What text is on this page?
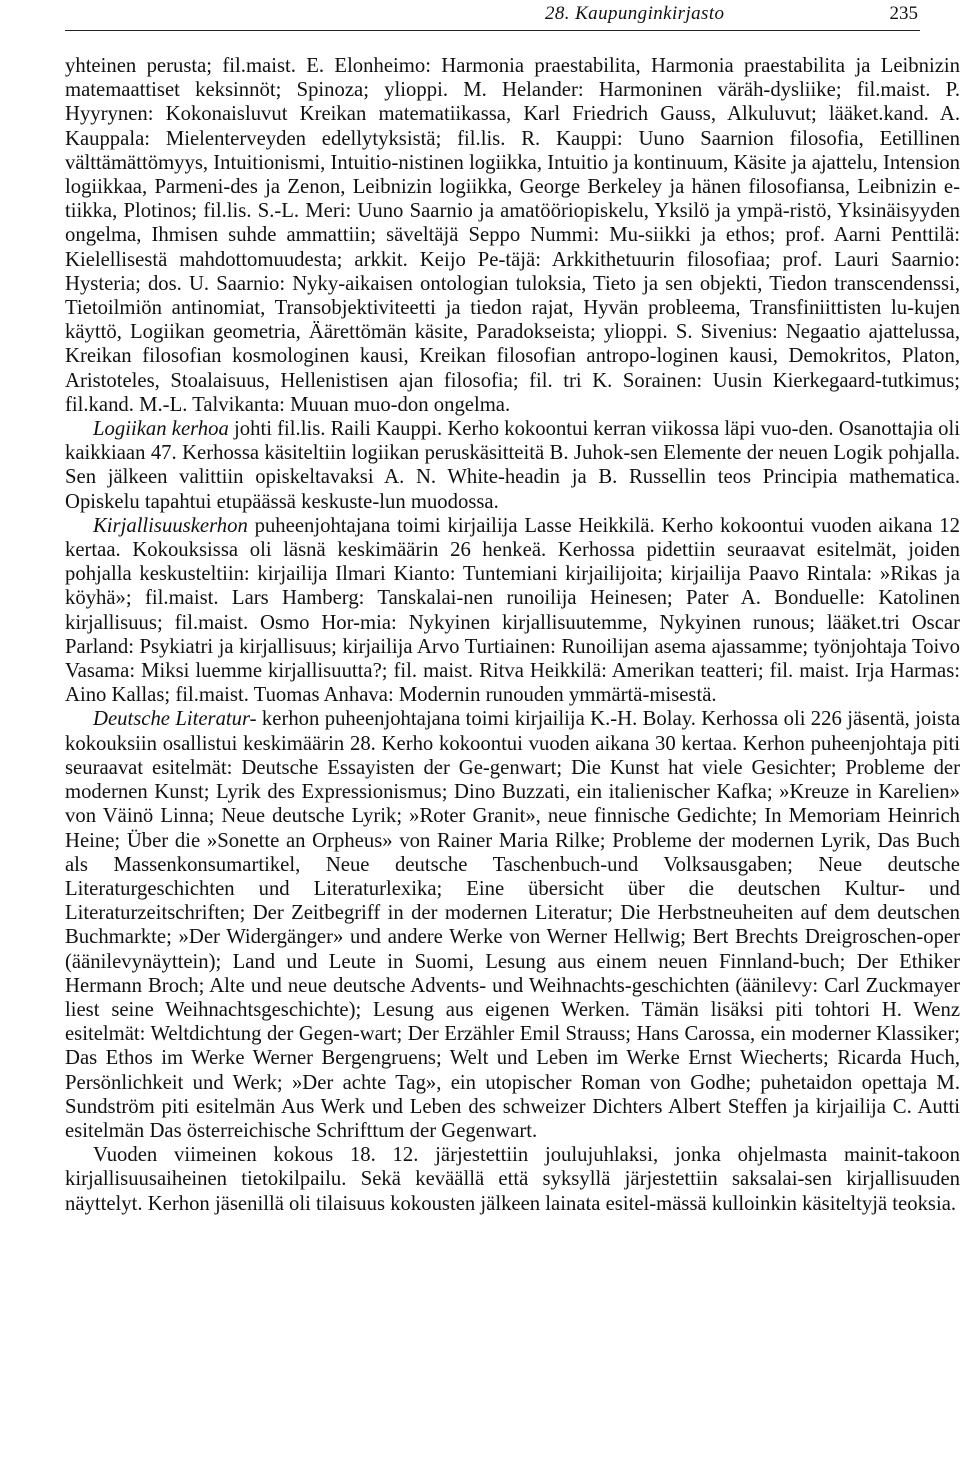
28. Kaupunginkirjasto	235

yhteinen perusta; fil.maist. E. Elonheimo: Harmonia praestabilita, Harmonia praestabilita ja Leibnizin matemaattiset keksinnöt; Spinoza; ylioppi. M. Helander: Harmoninen väräh-dysliike; fil.maist. P. Hyyrynen: Kokonaisluvut Kreikan matematiikassa, Karl Friedrich Gauss, Alkuluvut; lääket.kand. A. Kauppala: Mielenterveyden edellytyksistä; fil.lis. R. Kauppi: Uuno Saarnion filosofia, Eetillinen välttämättömyys, Intuitionismi, Intuitio-nistinen logiikka, Intuitio ja kontinuum, Käsite ja ajattelu, Intension logiikkaa, Parmeni-des ja Zenon, Leibnizin logiikka, George Berkeley ja hänen filosofiansa, Leibnizin e-tiikka, Plotinos; fil.lis. S.-L. Meri: Uuno Saarnio ja amatööriopiskelu, Yksilö ja ympä-ristö, Yksinäisyyden ongelma, Ihmisen suhde ammattiin; säveltäjä Seppo Nummi: Mu-siikki ja ethos; prof. Aarni Penttilä: Kielellisestä mahdottomuudesta; arkkit. Keijo Pe-täjä: Arkkithetuurin filosofiaa; prof. Lauri Saarnio: Hysteria; dos. U. Saarnio: Nyky-aikaisen ontologian tuloksia, Tieto ja sen objekti, Tiedon transcendenssi, Tietoilmiön antinomiat, Transobjektiviteetti ja tiedon rajat, Hyvän probleema, Transfiniittisten lu-kujen käyttö, Logiikan geometria, Äärettömän käsite, Paradokseista; ylioppi. S. Sivenius: Negaatio ajattelussa, Kreikan filosofian kosmologinen kausi, Kreikan filosofian antropo-loginen kausi, Demokritos, Platon, Aristoteles, Stoalaisuus, Hellenistisen ajan filosofia; fil. tri K. Sorainen: Uusin Kierkegaard-tutkimus; fil.kand. M.-L. Talvikanta: Muuan muo-don ongelma.

Logiikan kerhoa johti fil.lis. Raili Kauppi. Kerho kokoontui kerran viikossa läpi vuo-den. Osanottajia oli kaikkiaan 47. Kerhossa käsiteltiin logiikan peruskäsitteitä B. Juhok-sen Elemente der neuen Logik pohjalla. Sen jälkeen valittiin opiskeltavaksi A. N. White-headin ja B. Russellin teos Principia mathematica. Opiskelu tapahtui etupäässä keskuste-lun muodossa.

Kirjallisuuskerhon puheenjohtajana toimi kirjailija Lasse Heikkilä. Kerho kokoontui vuoden aikana 12 kertaa. Kokouksissa oli läsnä keskimäärin 26 henkeä. Kerhossa pidettiin seuraavat esitelmät, joiden pohjalla keskusteltiin: kirjailija Ilmari Kianto: Tuntemiani kirjailijoita; kirjailija Paavo Rintala: »Rikas ja köyhä»; fil.maist. Lars Hamberg: Tanskalai-nen runoilija Heinesen; Pater A. Bonduelle: Katolinen kirjallisuus; fil.maist. Osmo Hor-mia: Nykyinen kirjallisuutemme, Nykyinen runous; lääket.tri Oscar Parland: Psykiatri ja kirjallisuus; kirjailija Arvo Turtiainen: Runoilijan asema ajassamme; työnjohtaja Toivo Vasama: Miksi luemme kirjallisuutta?; fil. maist. Ritva Heikkilä: Amerikan teatteri; fil. maist. Irja Harmas: Aino Kallas; fil.maist. Tuomas Anhava: Modernin runouden ymmärtä-misestä.

Deutsche Literatur- kerhon puheenjohtajana toimi kirjailija K.-H. Bolay. Kerhossa oli 226 jäsentä, joista kokouksiin osallistui keskimäärin 28. Kerho kokoontui vuoden aikana 30 kertaa. Kerhon puheenjohtaja piti seuraavat esitelmät: Deutsche Essayisten der Ge-genwart; Die Kunst hat viele Gesichter; Probleme der modernen Kunst; Lyrik des Expressionismus; Dino Buzzati, ein italienischer Kafka; »Kreuze in Karelien» von Väinö Linna; Neue deutsche Lyrik; »Roter Granit», neue finnische Gedichte; In Memoriam Heinrich Heine; Über die »Sonette an Orpheus» von Rainer Maria Rilke; Probleme der modernen Lyrik, Das Buch als Massenkonsumartikel, Neue deutsche Taschenbuch-und Volksausgaben; Neue deutsche Literaturgeschichten und Literaturlexika; Eine übersicht über die deutschen Kultur- und Literaturzeitschriften; Der Zeitbegriff in der modernen Literatur; Die Herbstneuheiten auf dem deutschen Buchmarkte; »Der Widergänger» und andere Werke von Werner Hellwig; Bert Brechts Dreigroschen-oper (äänilevynäyttein); Land und Leute in Suomi, Lesung aus einem neuen Finnland-buch; Der Ethiker Hermann Broch; Alte und neue deutsche Advents- und Weihnachts-geschichten (äänilevy: Carl Zuckmayer liest seine Weihnachtsgeschichte); Lesung aus eigenen Werken. Tämän lisäksi piti tohtori H. Wenz esitelmät: Weltdichtung der Gegen-wart; Der Erzähler Emil Strauss; Hans Carossa, ein moderner Klassiker; Das Ethos im Werke Werner Bergengruens; Welt und Leben im Werke Ernst Wiecherts; Ricarda Huch, Persönlichkeit und Werk; »Der achte Tag», ein utopischer Roman von Godhe; puhetaidon opettaja M. Sundström piti esitelmän Aus Werk und Leben des schweizer Dichters Albert Steffen ja kirjailija C. Autti esitelmän Das österreichische Schrifttum der Gegenwart.

Vuoden viimeinen kokous 18. 12. järjestettiin joulujuhlaksi, jonka ohjelmasta mainit-takoon kirjallisuusaiheinen tietokilpailu. Sekä keväällä että syksyllä järjestettiin saksalai-sen kirjallisuuden näyttelyt. Kerhon jäsenillä oli tilaisuus kokousten jälkeen lainata esitel-mässä kulloinkin käsiteltyjä teoksia.
